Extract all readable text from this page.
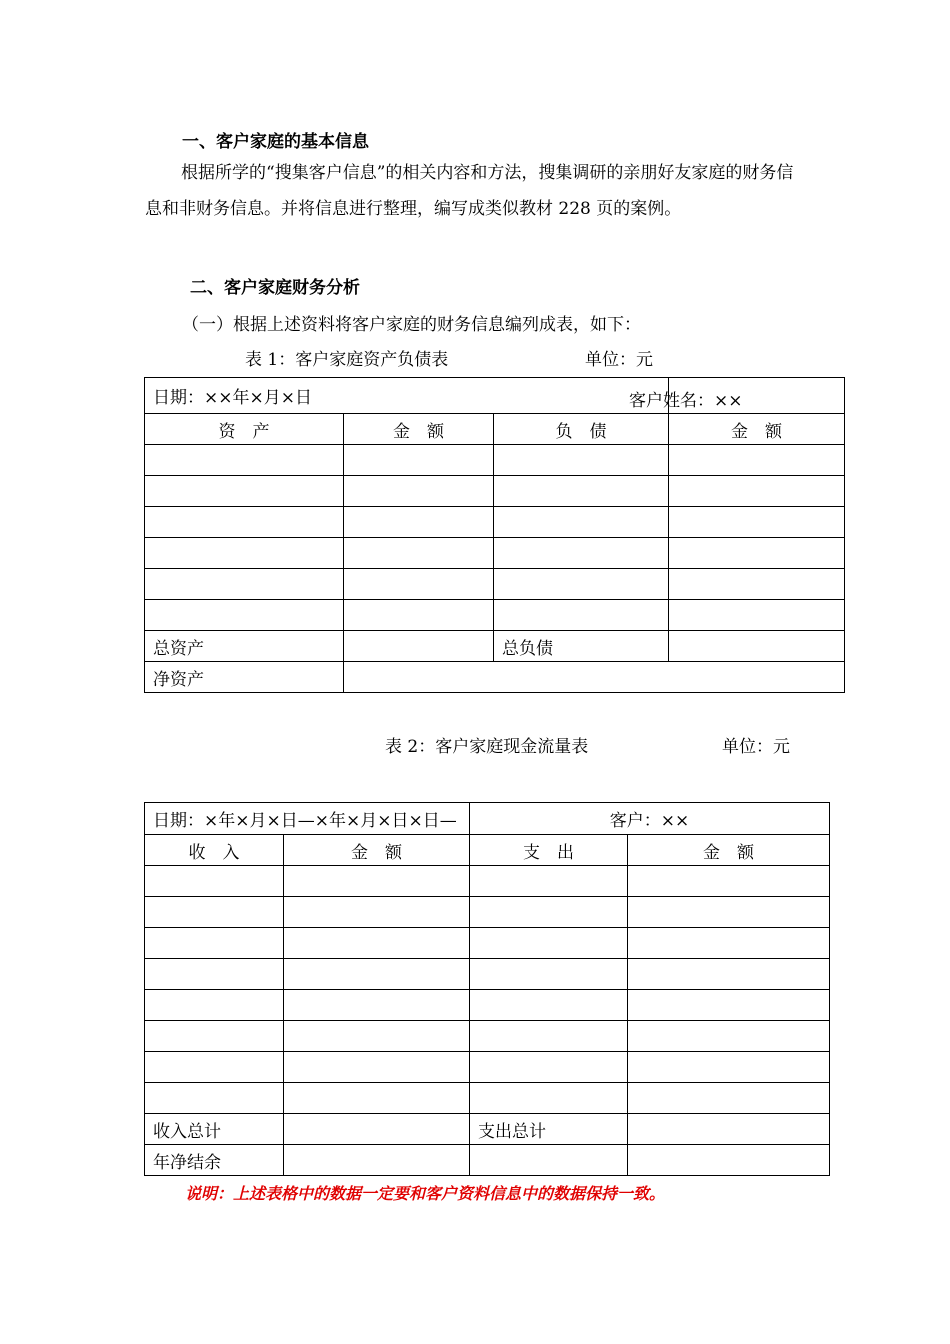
一、客户家庭的基本信息
根据所学的“搜集客户信息”的相关内容和方法，搜集调研的亲朋好友家庭的财务信息和非财务信息。并将信息进行整理，编写成类似教材 228 页的案例。
二、客户家庭财务分析
（一）根据上述资料将客户家庭的财务信息编列成表，如下：
表 1：客户家庭资产负债表	单位：元
日期：××年×月×日			客户姓名：××

资　产	金　额	负　债	金　额

总资产		总负债	
净资产			
表 2：客户家庭现金流量表	单位：元
日期：×年×月×日—×年×月×日×日—		客户：××	
收　入	金　额	支　出	金　额

收入总计		支出总计	
年净结余			
说明：上述表格中的数据一定要和客户资料信息中的数据保持一致。
